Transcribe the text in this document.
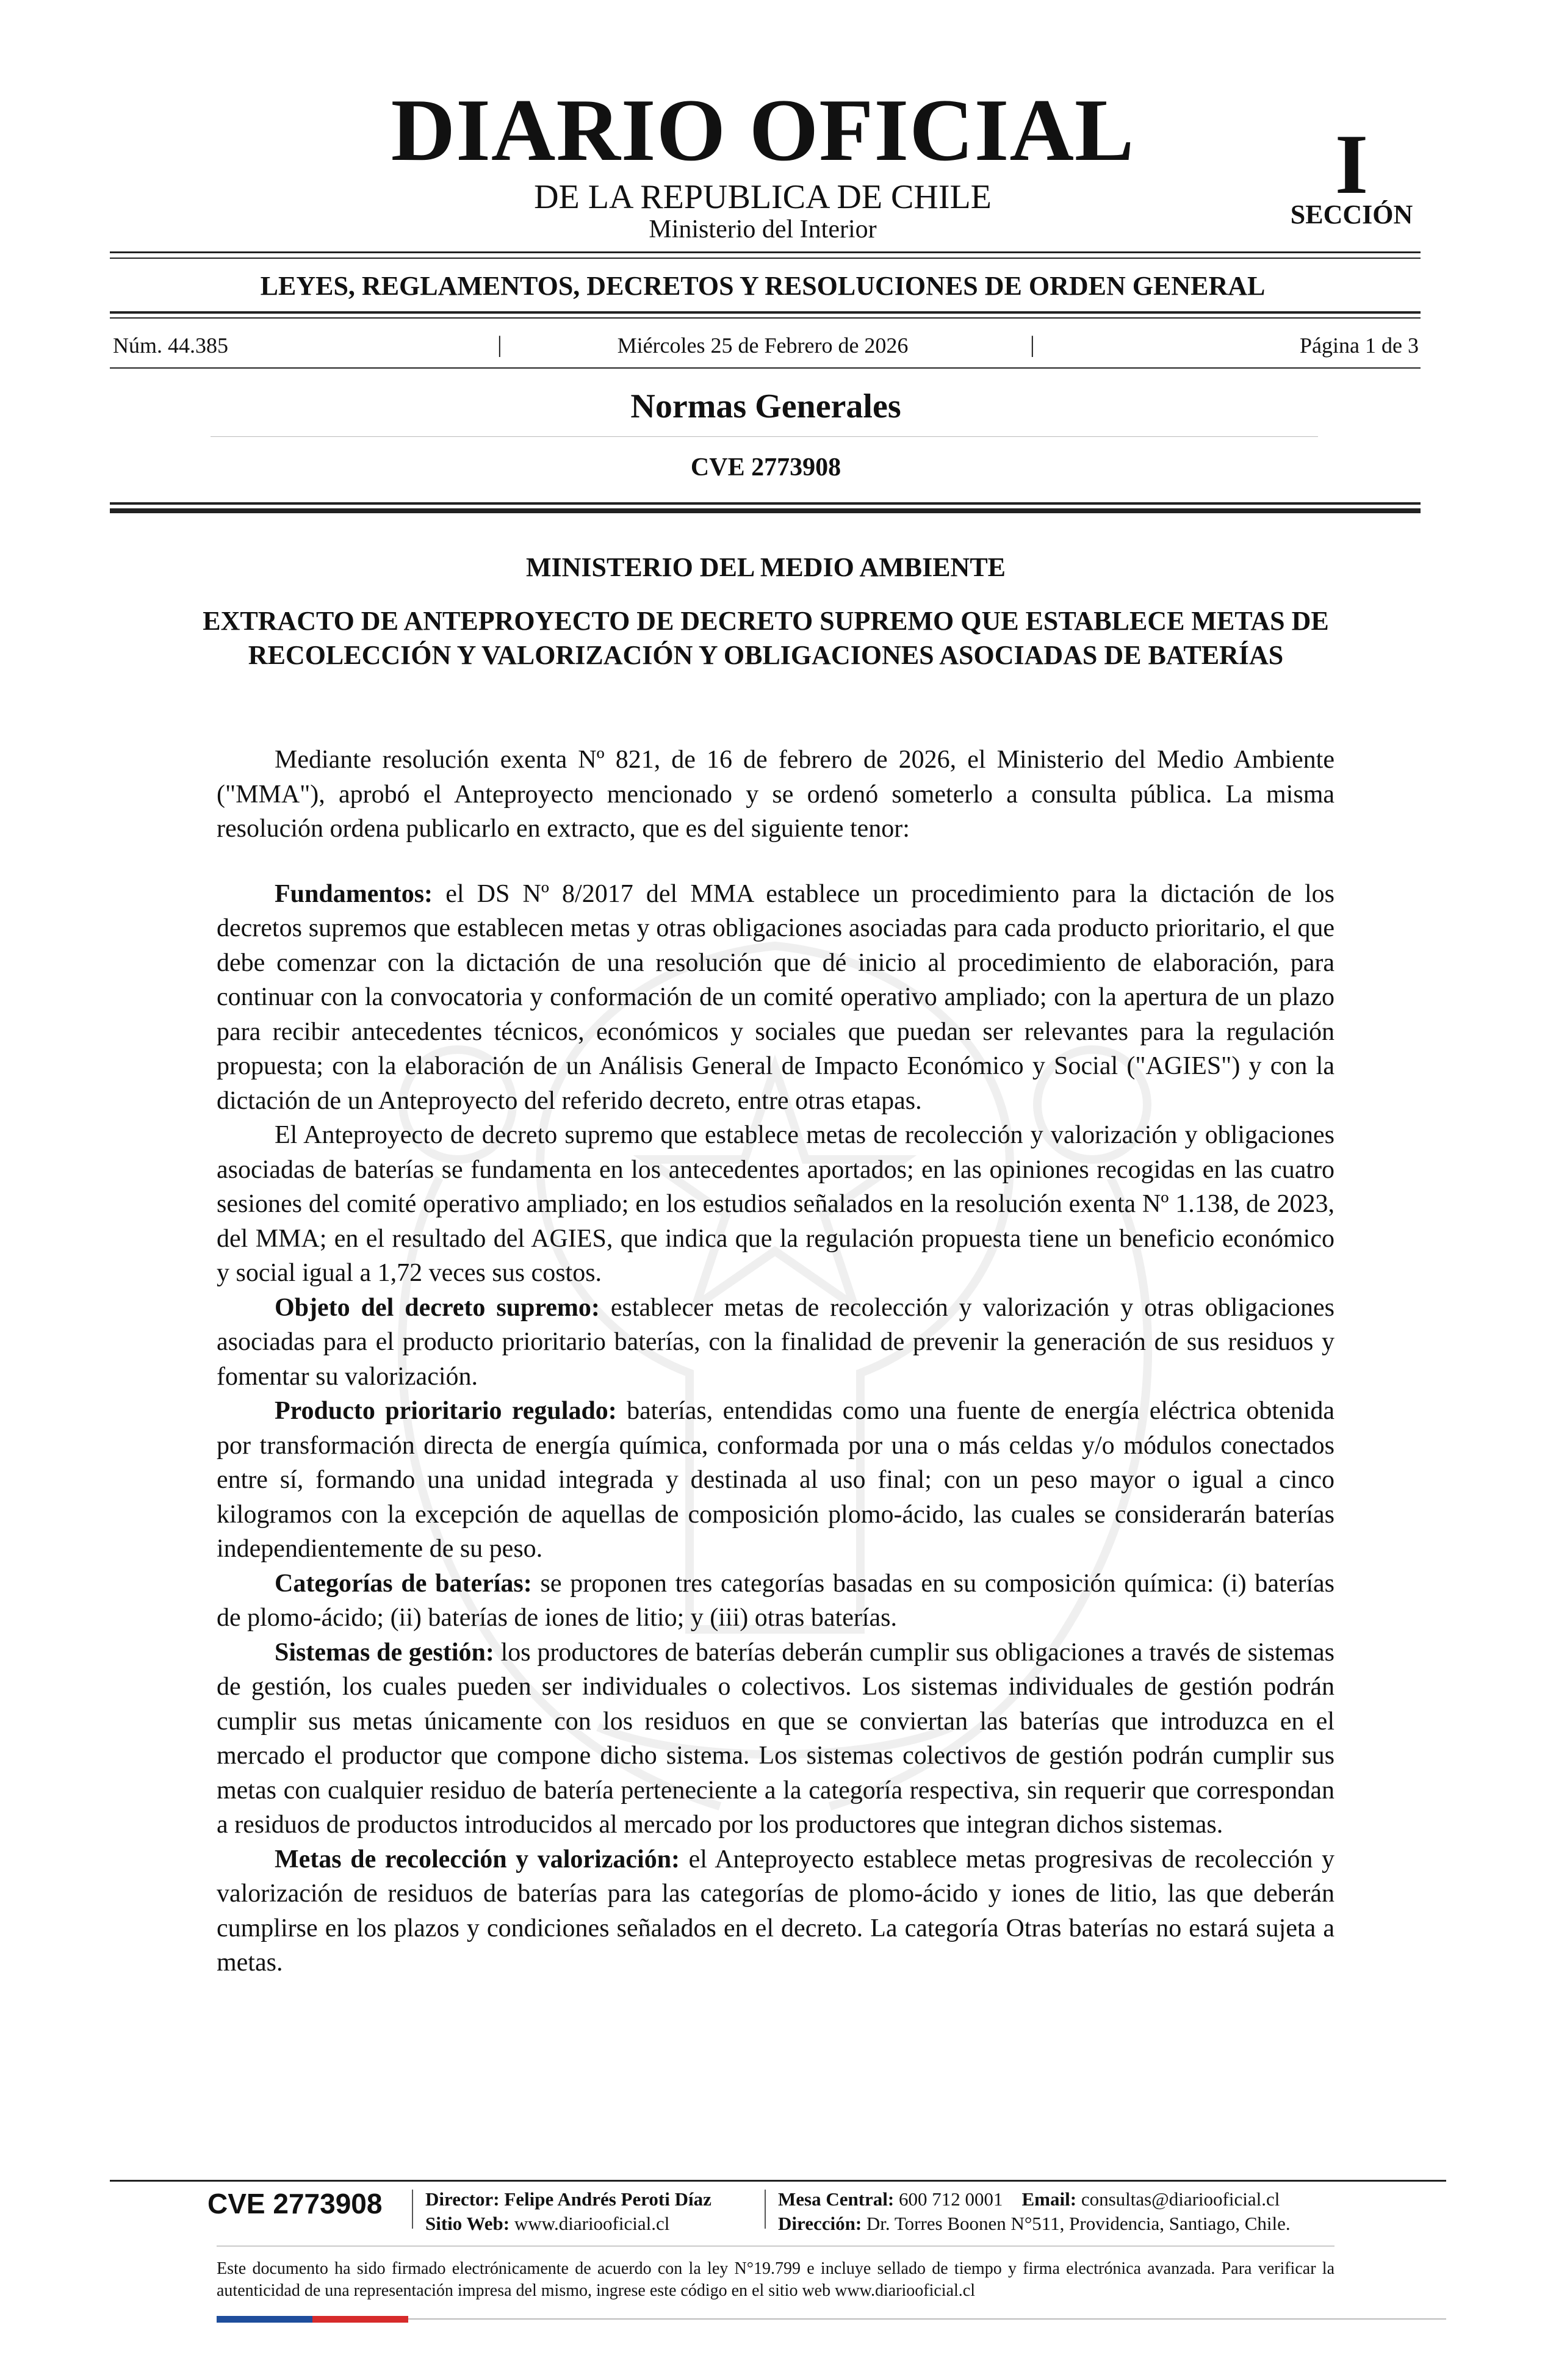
DIARIO OFICIAL
DE LA REPUBLICA DE CHILE
Ministerio del Interior
I
SECCIÓN
LEYES, REGLAMENTOS, DECRETOS Y RESOLUCIONES DE ORDEN GENERAL
Núm. 44.385	|	Miércoles 25 de Febrero de 2026	|	Página 1 de 3
Normas Generales
CVE 2773908
MINISTERIO DEL MEDIO AMBIENTE
EXTRACTO DE ANTEPROYECTO DE DECRETO SUPREMO QUE ESTABLECE METAS DE RECOLECCIÓN Y VALORIZACIÓN Y OBLIGACIONES ASOCIADAS DE BATERÍAS

Mediante resolución exenta Nº 821, de 16 de febrero de 2026, el Ministerio del Medio Ambiente ("MMA"), aprobó el Anteproyecto mencionado y se ordenó someterlo a consulta pública. La misma resolución ordena publicarlo en extracto, que es del siguiente tenor:

Fundamentos: el DS Nº 8/2017 del MMA establece un procedimiento para la dictación de los decretos supremos que establecen metas y otras obligaciones asociadas para cada producto prioritario, el que debe comenzar con la dictación de una resolución que dé inicio al procedimiento de elaboración, para continuar con la convocatoria y conformación de un comité operativo ampliado; con la apertura de un plazo para recibir antecedentes técnicos, económicos y sociales que puedan ser relevantes para la regulación propuesta; con la elaboración de un Análisis General de Impacto Económico y Social ("AGIES") y con la dictación de un Anteproyecto del referido decreto, entre otras etapas.

El Anteproyecto de decreto supremo que establece metas de recolección y valorización y obligaciones asociadas de baterías se fundamenta en los antecedentes aportados; en las opiniones recogidas en las cuatro sesiones del comité operativo ampliado; en los estudios señalados en la resolución exenta Nº 1.138, de 2023, del MMA; en el resultado del AGIES, que indica que la regulación propuesta tiene un beneficio económico y social igual a 1,72 veces sus costos.

Objeto del decreto supremo: establecer metas de recolección y valorización y otras obligaciones asociadas para el producto prioritario baterías, con la finalidad de prevenir la generación de sus residuos y fomentar su valorización.

Producto prioritario regulado: baterías, entendidas como una fuente de energía eléctrica obtenida por transformación directa de energía química, conformada por una o más celdas y/o módulos conectados entre sí, formando una unidad integrada y destinada al uso final; con un peso mayor o igual a cinco kilogramos con la excepción de aquellas de composición plomo-ácido, las cuales se considerarán baterías independientemente de su peso.

Categorías de baterías: se proponen tres categorías basadas en su composición química: (i) baterías de plomo-ácido; (ii) baterías de iones de litio; y (iii) otras baterías.

Sistemas de gestión: los productores de baterías deberán cumplir sus obligaciones a través de sistemas de gestión, los cuales pueden ser individuales o colectivos. Los sistemas individuales de gestión podrán cumplir sus metas únicamente con los residuos en que se conviertan las baterías que introduzca en el mercado el productor que compone dicho sistema. Los sistemas colectivos de gestión podrán cumplir sus metas con cualquier residuo de batería perteneciente a la categoría respectiva, sin requerir que correspondan a residuos de productos introducidos al mercado por los productores que integran dichos sistemas.

Metas de recolección y valorización: el Anteproyecto establece metas progresivas de recolección y valorización de residuos de baterías para las categorías de plomo-ácido y iones de litio, las que deberán cumplirse en los plazos y condiciones señalados en el decreto. La categoría Otras baterías no estará sujeta a metas.

CVE 2773908 Director: Felipe Andrés Peroti Díaz
Sitio Web: www.diariooficial.cl
Mesa Central: 600 712 0001 Email: consultas@diariooficial.cl
Dirección: Dr. Torres Boonen N°511, Providencia, Santiago, Chile.
Este documento ha sido firmado electrónicamente de acuerdo con la ley N°19.799 e incluye sellado de tiempo y firma electrónica avanzada. Para verificar la autenticidad de una representación impresa del mismo, ingrese este código en el sitio web www.diariooficial.cl
